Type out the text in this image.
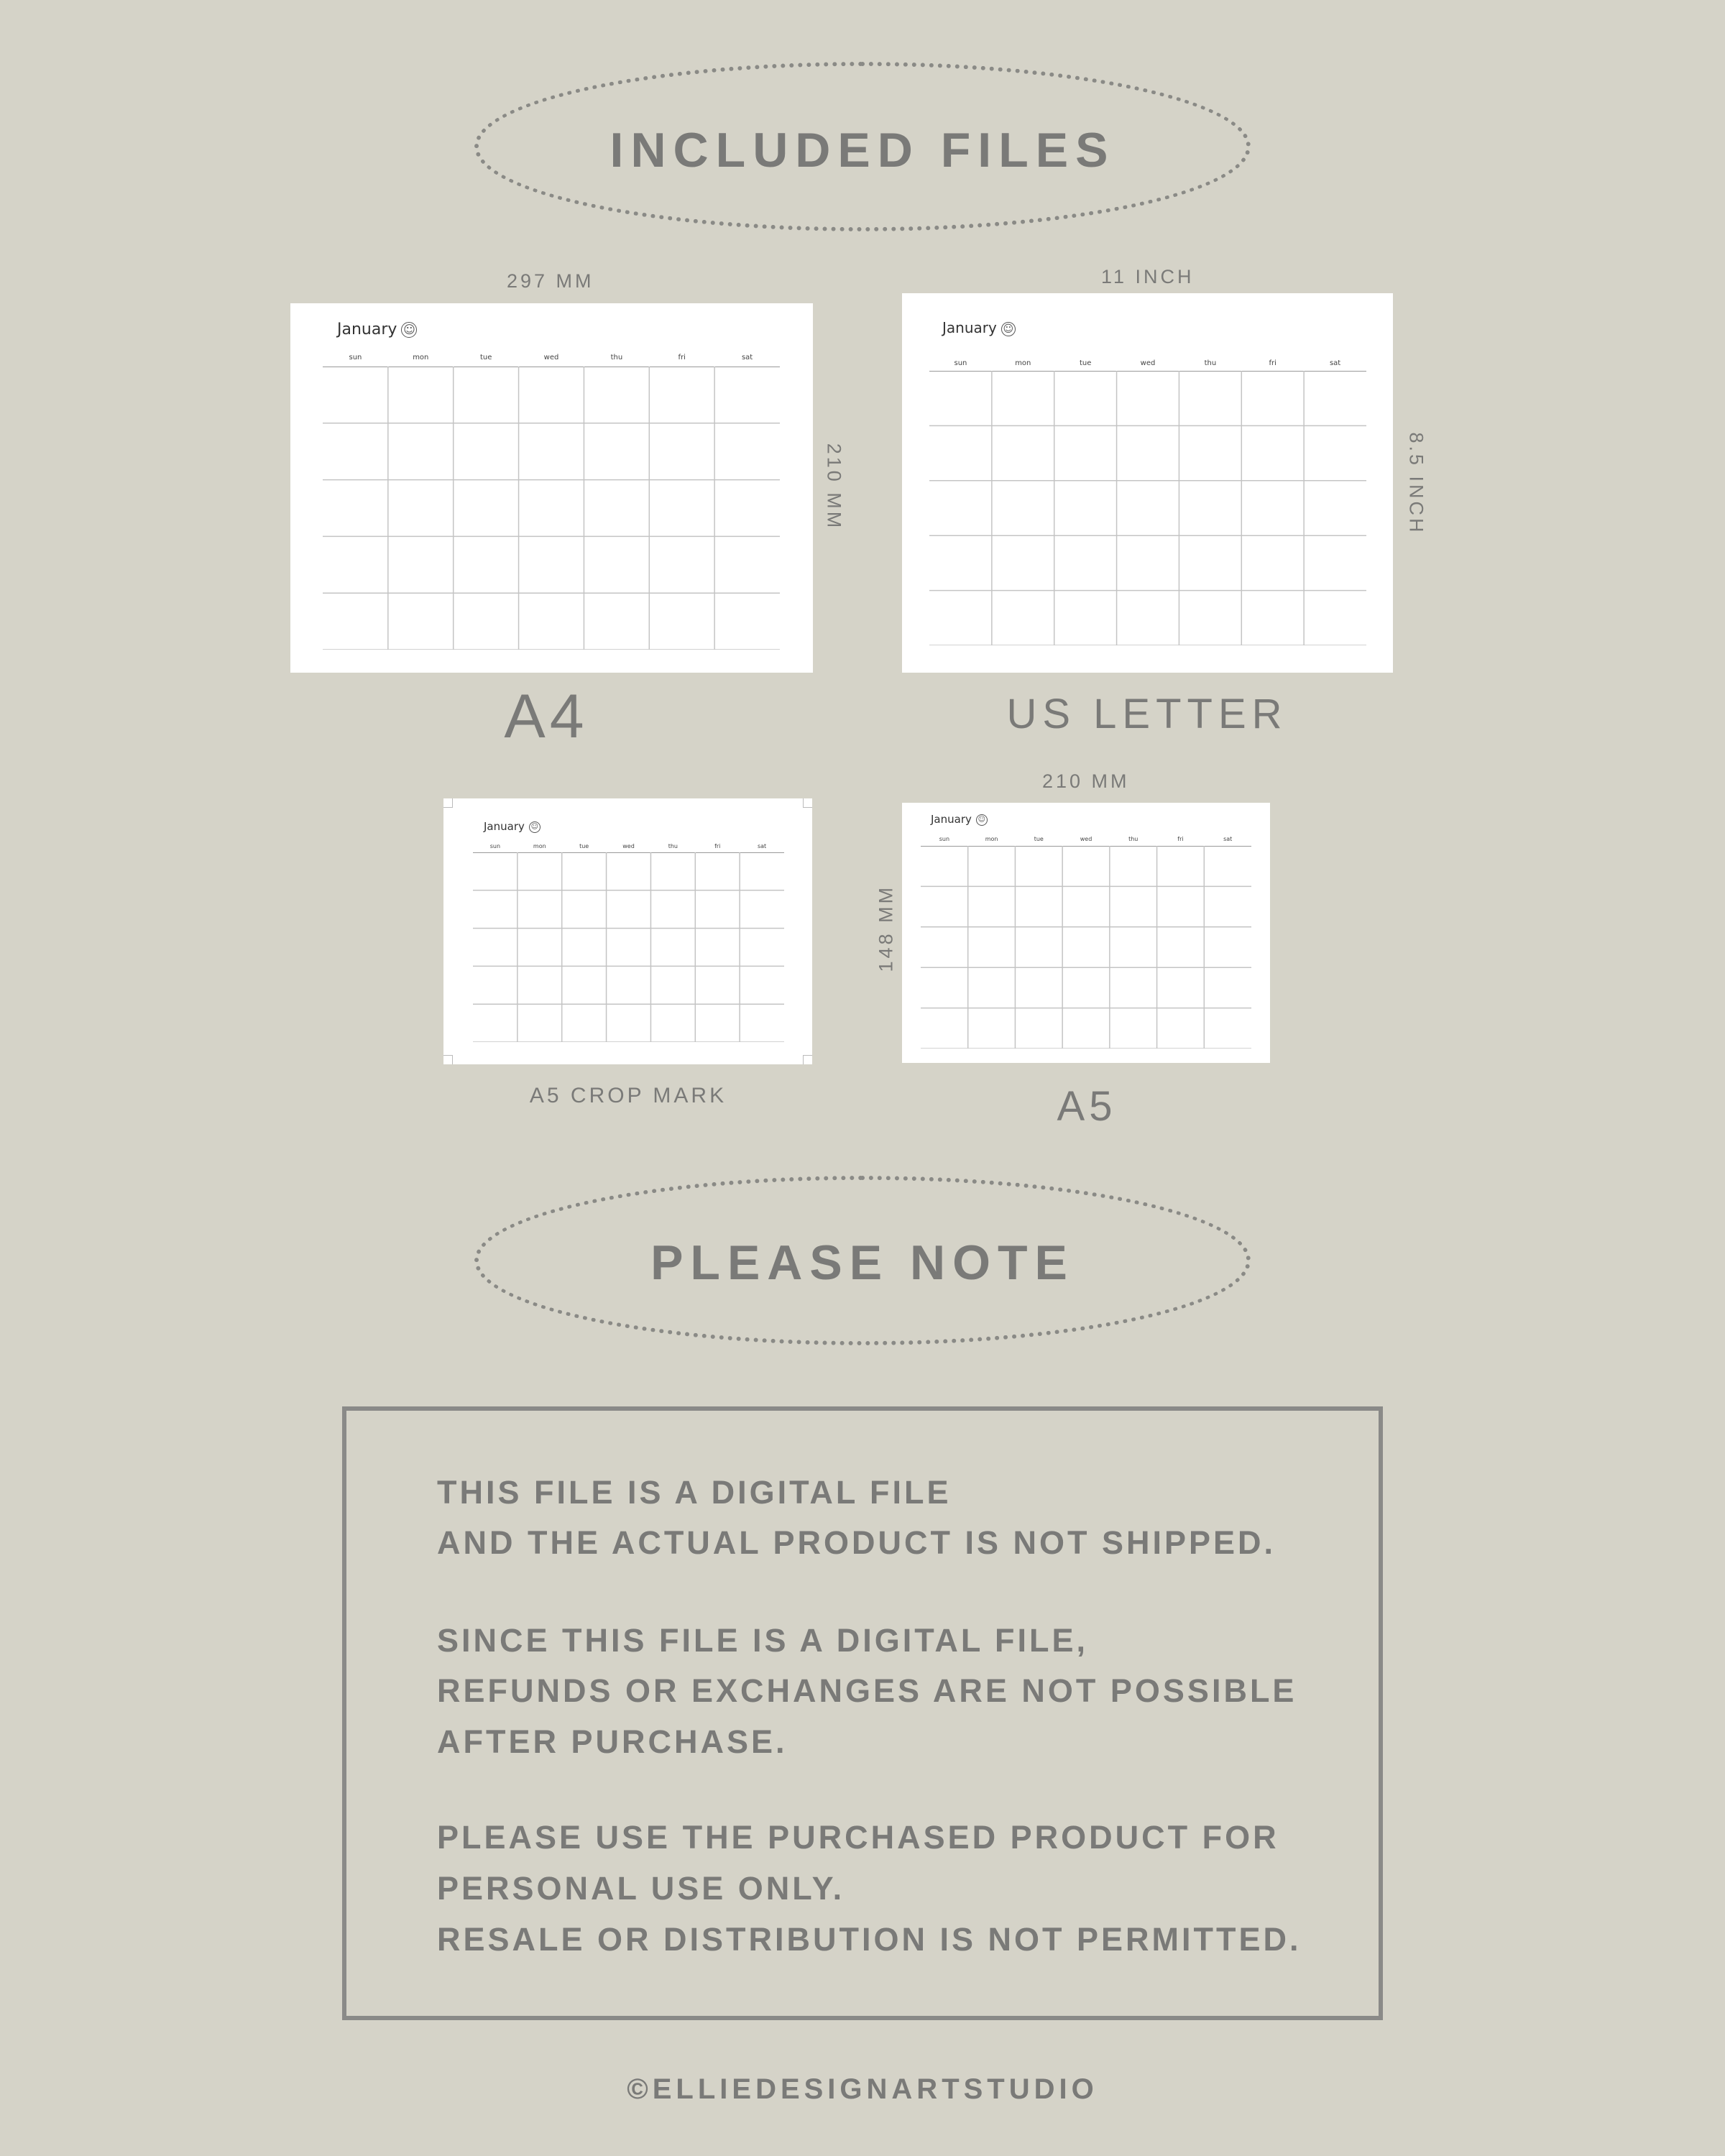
INCLUDED FILES
297 MM
January ☺
sun	mon	tue	wed	thu	fri	sat
210 MM
A4
11 INCH
January ☺
sun	mon	tue	wed	thu	fri	sat
8.5 INCH
US LETTER
January ☺
sun	mon	tue	wed	thu	fri	sat
A5 CROP MARK
210 MM
January ☺
sun	mon	tue	wed	thu	fri	sat
148 MM
A5
PLEASE NOTE
THIS FILE IS A DIGITAL FILE
AND THE ACTUAL PRODUCT IS NOT SHIPPED.
SINCE THIS FILE IS A DIGITAL FILE,
REFUNDS OR EXCHANGES ARE NOT POSSIBLE
AFTER PURCHASE.
PLEASE USE THE PURCHASED PRODUCT FOR
PERSONAL USE ONLY.
RESALE OR DISTRIBUTION IS NOT PERMITTED.
©ELLIEDESIGNARTSTUDIO
